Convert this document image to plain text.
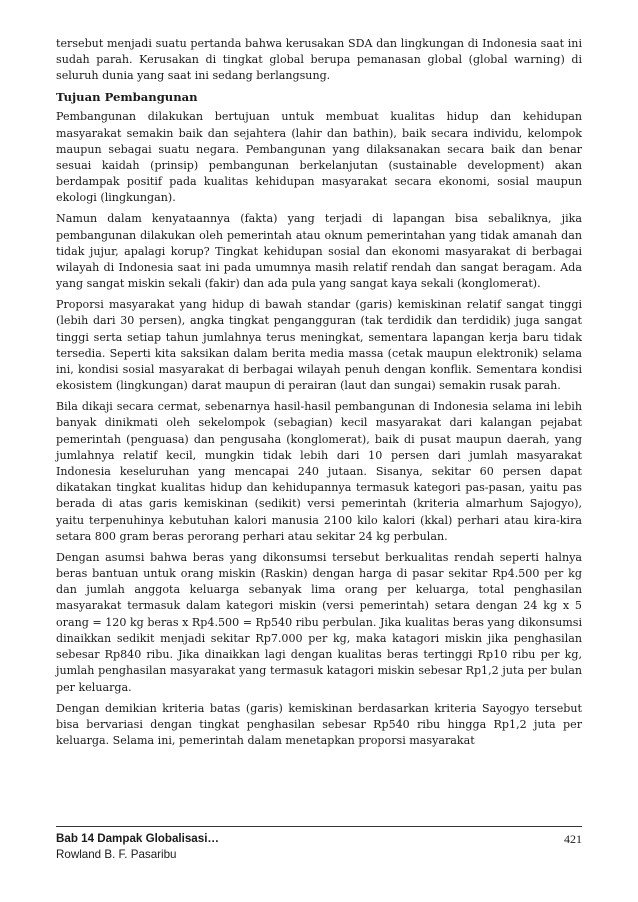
tersebut menjadi suatu pertanda bahwa kerusakan SDA dan lingkungan di Indonesia saat ini sudah parah. Kerusakan di tingkat global berupa pemanasan global (global warning) di seluruh dunia yang saat ini sedang berlangsung.

Tujuan Pembangunan

Pembangunan dilakukan bertujuan untuk membuat kualitas hidup dan kehidupan masyarakat semakin baik dan sejahtera (lahir dan bathin), baik secara individu, kelompok maupun sebagai suatu negara. Pembangunan yang dilaksanakan secara baik dan benar sesuai kaidah (prinsip) pembangunan berkelanjutan (sustainable development) akan berdampak positif pada kualitas kehidupan masyarakat secara ekonomi, sosial maupun ekologi (lingkungan).

Namun dalam kenyataannya (fakta) yang terjadi di lapangan bisa sebaliknya, jika pembangunan dilakukan oleh pemerintah atau oknum pemerintahan yang tidak amanah dan tidak jujur, apalagi korup? Tingkat kehidupan sosial dan ekonomi masyarakat di berbagai wilayah di Indonesia saat ini pada umumnya masih relatif rendah dan sangat beragam. Ada yang sangat miskin sekali (fakir) dan ada pula yang sangat kaya sekali (konglomerat).

Proporsi masyarakat yang hidup di bawah standar (garis) kemiskinan relatif sangat tinggi (lebih dari 30 persen), angka tingkat pengangguran (tak terdidik dan terdidik) juga sangat tinggi serta setiap tahun jumlahnya terus meningkat, sementara lapangan kerja baru tidak tersedia. Seperti kita saksikan dalam berita media massa (cetak maupun elektronik) selama ini, kondisi sosial masyarakat di berbagai wilayah penuh dengan konflik. Sementara kondisi ekosistem (lingkungan) darat maupun di perairan (laut dan sungai) semakin rusak parah.

Bila dikaji secara cermat, sebenarnya hasil-hasil pembangunan di Indonesia selama ini lebih banyak dinikmati oleh sekelompok (sebagian) kecil masyarakat dari kalangan pejabat pemerintah (penguasa) dan pengusaha (konglomerat), baik di pusat maupun daerah, yang jumlahnya relatif kecil, mungkin tidak lebih dari 10 persen dari jumlah masyarakat Indonesia keseluruhan yang mencapai 240 jutaan. Sisanya, sekitar 60 persen dapat dikatakan tingkat kualitas hidup dan kehidupannya termasuk kategori pas-pasan, yaitu pas berada di atas garis kemiskinan (sedikit) versi pemerintah (kriteria almarhum Sajogyo), yaitu terpenuhinya kebutuhan kalori manusia 2100 kilo kalori (kkal) perhari atau kira-kira setara 800 gram beras perorang perhari atau sekitar 24 kg perbulan.

Dengan asumsi bahwa beras yang dikonsumsi tersebut berkualitas rendah seperti halnya beras bantuan untuk orang miskin (Raskin) dengan harga di pasar sekitar Rp4.500 per kg dan jumlah anggota keluarga sebanyak lima orang per keluarga, total penghasilan masyarakat termasuk dalam kategori miskin (versi pemerintah) setara dengan 24 kg x 5 orang = 120 kg beras x Rp4.500 = Rp540 ribu perbulan. Jika kualitas beras yang dikonsumsi dinaikkan sedikit menjadi sekitar Rp7.000 per kg, maka katagori miskin jika penghasilan sebesar Rp840 ribu. Jika dinaikkan lagi dengan kualitas beras tertinggi Rp10 ribu per kg, jumlah penghasilan masyarakat yang termasuk katagori miskin sebesar Rp1,2 juta per bulan per keluarga.

Dengan demikian kriteria batas (garis) kemiskinan berdasarkan kriteria Sayogyo tersebut bisa bervariasi dengan tingkat penghasilan sebesar Rp540 ribu hingga Rp1,2 juta per keluarga. Selama ini, pemerintah dalam menetapkan proporsi masyarakat

Bab 14 Dampak Globalisasi…	421
Rowland B. F. Pasaribu
